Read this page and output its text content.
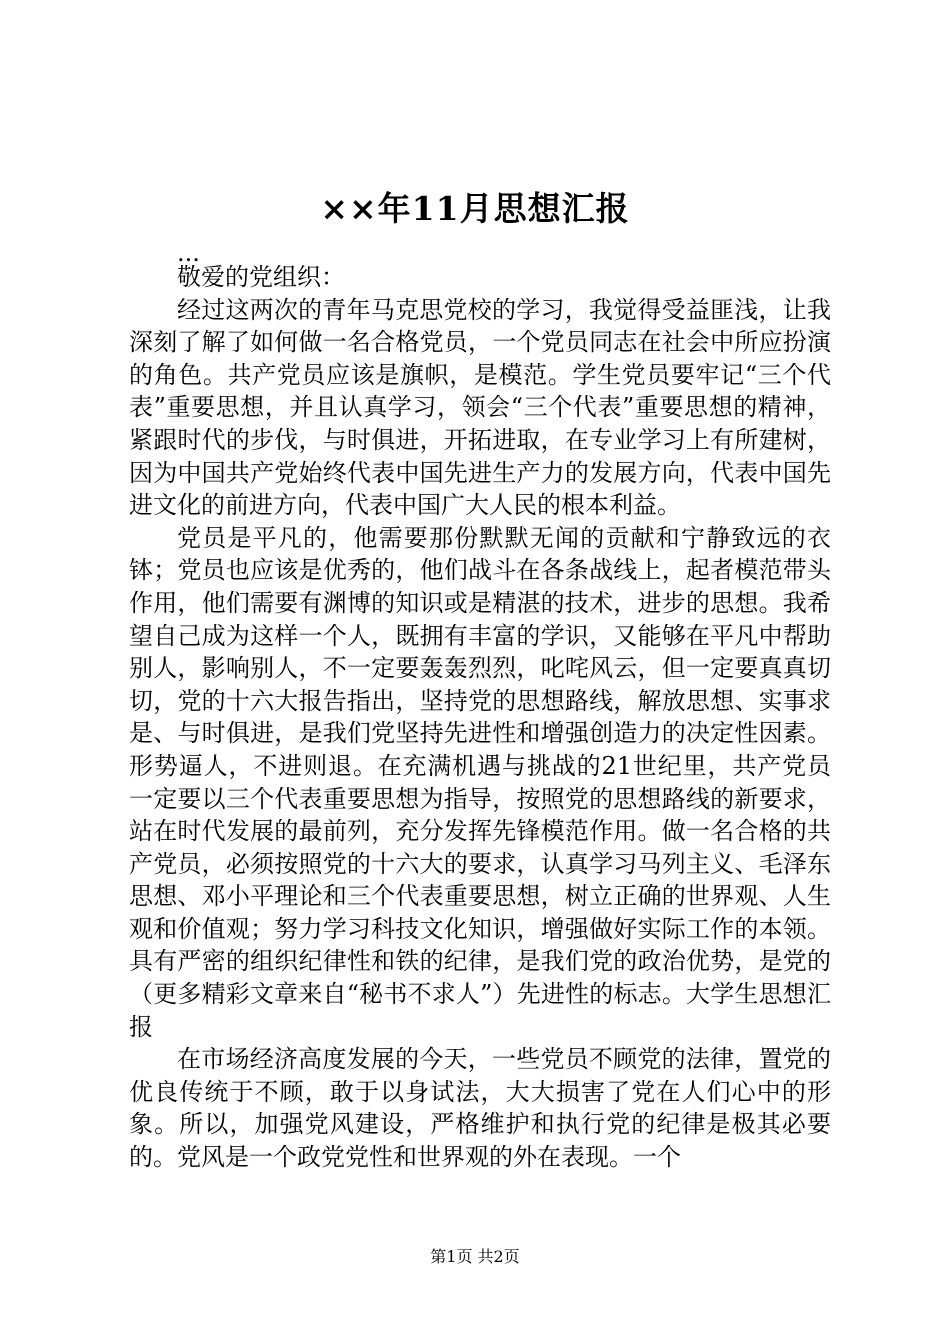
××年11月思想汇报

...

敬爱的党组织：

经过这两次的青年马克思党校的学习，我觉得受益匪浅，让我深刻了解了如何做一名合格党员，一个党员同志在社会中所应扮演的角色。共产党员应该是旗帜，是模范。学生党员要牢记“三个代表”重要思想，并且认真学习，领会“三个代表”重要思想的精神，紧跟时代的步伐，与时俱进，开拓进取，在专业学习上有所建树，因为中国共产党始终代表中国先进生产力的发展方向，代表中国先进文化的前进方向，代表中国广大人民的根本利益。

党员是平凡的，他需要那份默默无闻的贡献和宁静致远的衣钵；党员也应该是优秀的，他们战斗在各条战线上，起者模范带头作用，他们需要有渊博的知识或是精湛的技术，进步的思想。我希望自己成为这样一个人，既拥有丰富的学识，又能够在平凡中帮助别人，影响别人，不一定要轰轰烈烈，叱咤风云，但一定要真真切切，党的十六大报告指出，坚持党的思想路线，解放思想、实事求是、与时俱进，是我们党坚持先进性和增强创造力的决定性因素。形势逼人，不进则退。在充满机遇与挑战的21世纪里，共产党员一定要以三个代表重要思想为指导，按照党的思想路线的新要求，站在时代发展的最前列，充分发挥先锋模范作用。做一名合格的共产党员，必须按照党的十六大的要求，认真学习马列主义、毛泽东思想、邓小平理论和三个代表重要思想，树立正确的世界观、人生观和价值观；努力学习科技文化知识，增强做好实际工作的本领。具有严密的组织纪律性和铁的纪律，是我们党的政治优势，是党的（更多精彩文章来自“秘书不求人”）先进性的标志。大学生思想汇报

在市场经济高度发展的今天，一些党员不顾党的法律，置党的优良传统于不顾，敢于以身试法，大大损害了党在人们心中的形象。所以，加强党风建设，严格维护和执行党的纪律是极其必要的。党风是一个政党党性和世界观的外在表现。一个

第1页 共2页
